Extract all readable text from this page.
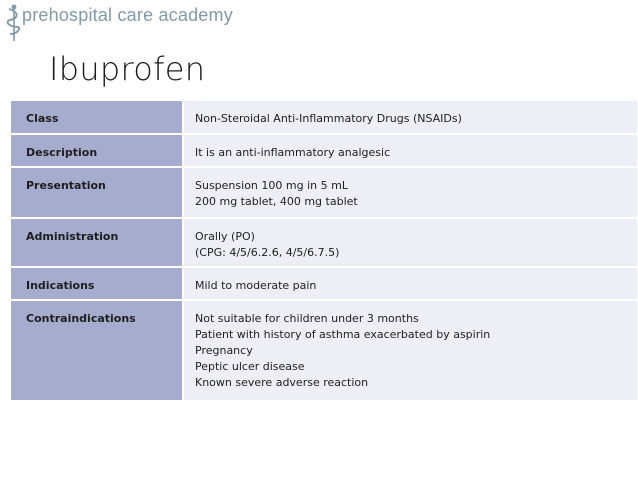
prehospital care academy
Ibuprofen
Class	Non-Steroidal Anti-Inflammatory Drugs (NSAIDs)

Description	It is an anti-inflammatory analgesic

Presentation	Suspension 100 mg in 5 mL
200 mg tablet, 400 mg tablet

Administration	Orally (PO)
(CPG: 4/5/6.2.6, 4/5/6.7.5)

Indications	Mild to moderate pain

Contraindications	Not suitable for children under 3 months
Patient with history of asthma exacerbated by aspirin
Pregnancy
Peptic ulcer disease
Known severe adverse reaction
